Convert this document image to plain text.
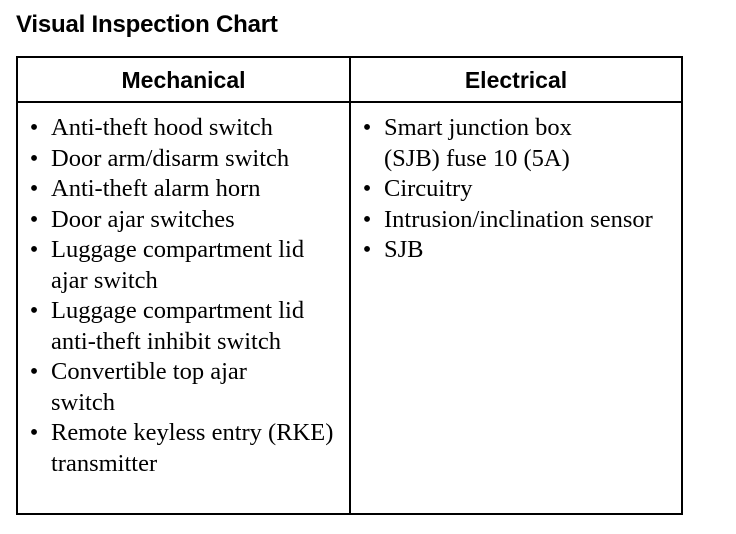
Visual Inspection Chart
Mechanical	Electrical
• Anti-theft hood switch
• Door arm/disarm switch
• Anti-theft alarm horn
• Door ajar switches
• Luggage compartment lid ajar switch
• Luggage compartment lid anti-theft inhibit switch
• Convertible top ajar switch
• Remote keyless entry (RKE) transmitter
• Smart junction box (SJB) fuse 10 (5A)
• Circuitry
• Intrusion/inclination sensor
• SJB
